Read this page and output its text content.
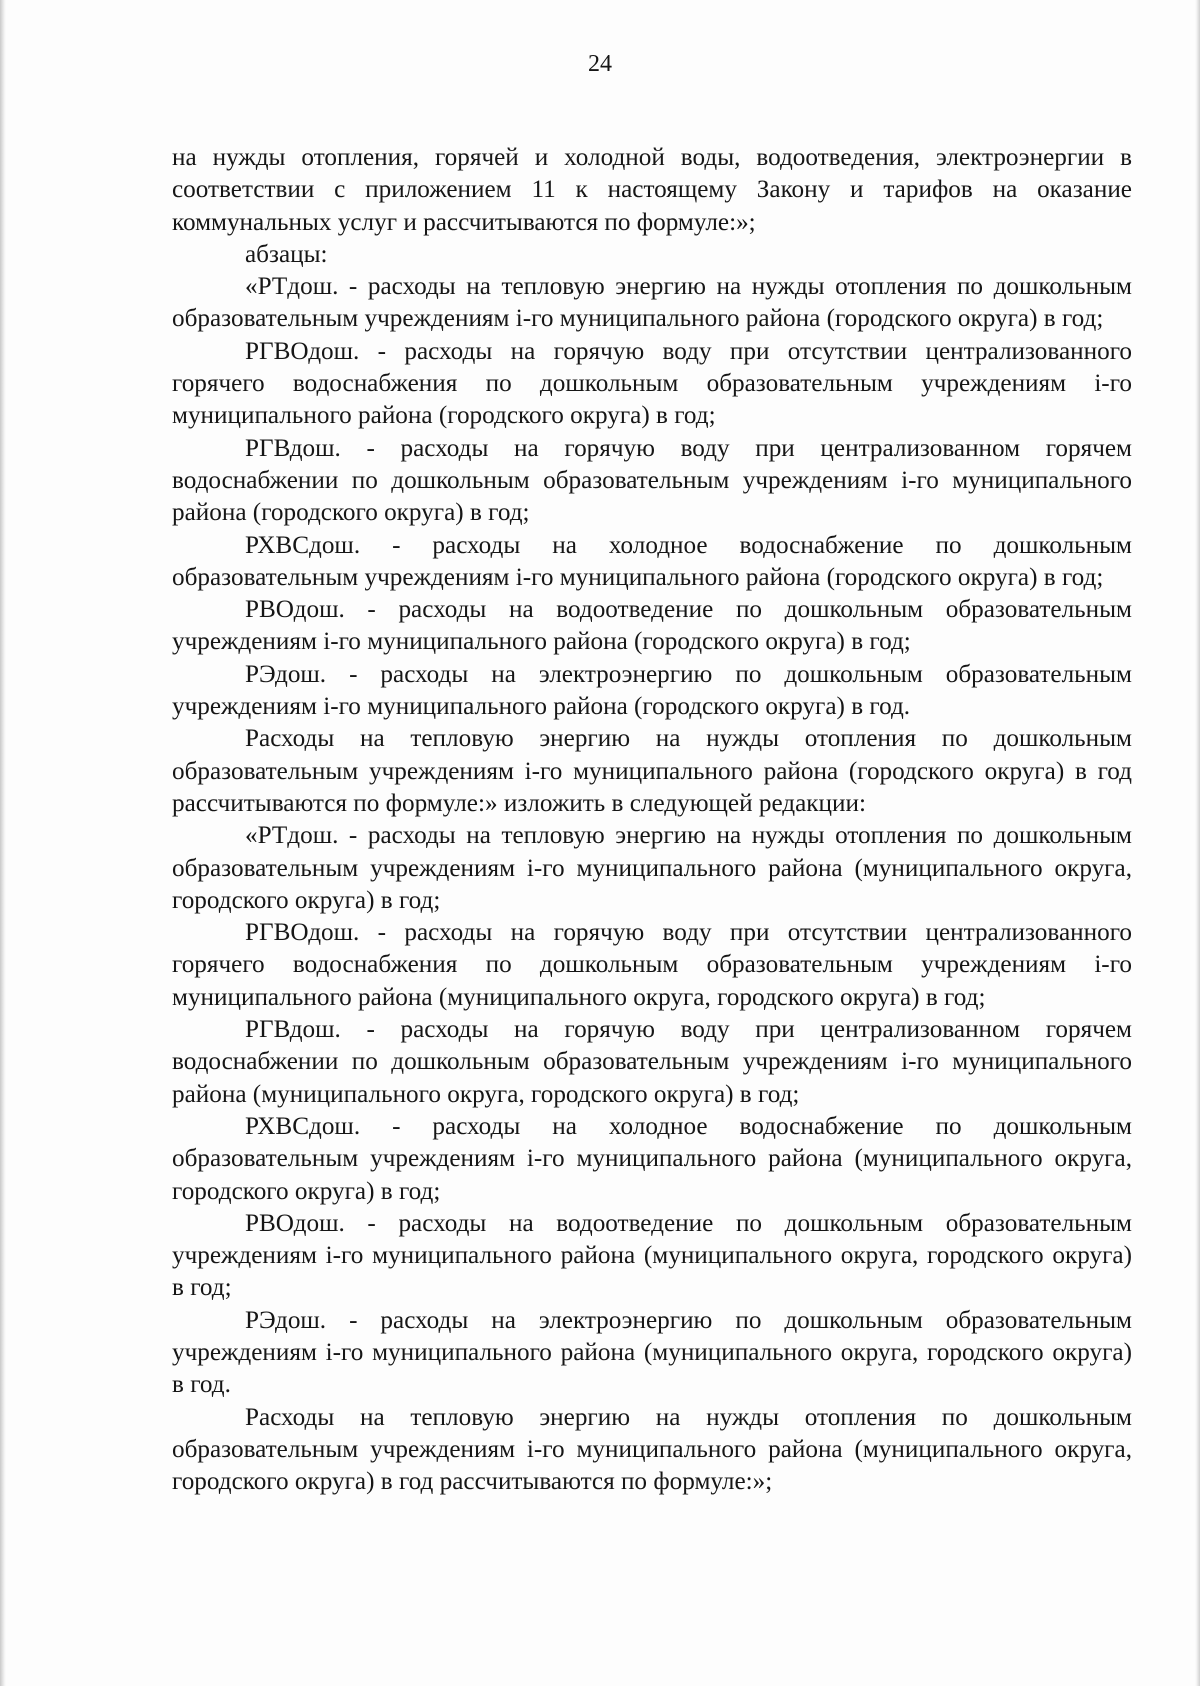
24

на нужды отопления, горячей и холодной воды, водоотведения, электроэнергии в соответствии с приложением 11 к настоящему Закону и тарифов на оказание коммунальных услуг и рассчитываются по формуле:»;

абзацы:

«РТдош. - расходы на тепловую энергию на нужды отопления по дошкольным образовательным учреждениям i-го муниципального района (городского округа) в год;

РГВОдош. - расходы на горячую воду при отсутствии централизованного горячего водоснабжения по дошкольным образовательным учреждениям i-го муниципального района (городского округа) в год;

РГВдош. - расходы на горячую воду при централизованном горячем водоснабжении по дошкольным образовательным учреждениям i-го муниципального района (городского округа) в год;

РХВСдош. - расходы на холодное водоснабжение по дошкольным образовательным учреждениям i-го муниципального района (городского округа) в год;

РВОдош. - расходы на водоотведение по дошкольным образовательным учреждениям i-го муниципального района (городского округа) в год;

РЭдош. - расходы на электроэнергию по дошкольным образовательным учреждениям i-го муниципального района (городского округа) в год.

Расходы на тепловую энергию на нужды отопления по дошкольным образовательным учреждениям i-го муниципального района (городского округа) в год рассчитываются по формуле:» изложить в следующей редакции:

«РТдош. - расходы на тепловую энергию на нужды отопления по дошкольным образовательным учреждениям i-го муниципального района (муниципального округа, городского округа) в год;

РГВОдош. - расходы на горячую воду при отсутствии централизованного горячего водоснабжения по дошкольным образовательным учреждениям i-го муниципального района (муниципального округа, городского округа) в год;

РГВдош. - расходы на горячую воду при централизованном горячем водоснабжении по дошкольным образовательным учреждениям i-го муниципального района (муниципального округа, городского округа) в год;

РХВСдош. - расходы на холодное водоснабжение по дошкольным образовательным учреждениям i-го муниципального района (муниципального округа, городского округа) в год;

РВОдош. - расходы на водоотведение по дошкольным образовательным учреждениям i-го муниципального района (муниципального округа, городского округа) в год;

РЭдош. - расходы на электроэнергию по дошкольным образовательным учреждениям i-го муниципального района (муниципального округа, городского округа) в год.

Расходы на тепловую энергию на нужды отопления по дошкольным образовательным учреждениям i-го муниципального района (муниципального округа, городского округа) в год рассчитываются по формуле:»;
